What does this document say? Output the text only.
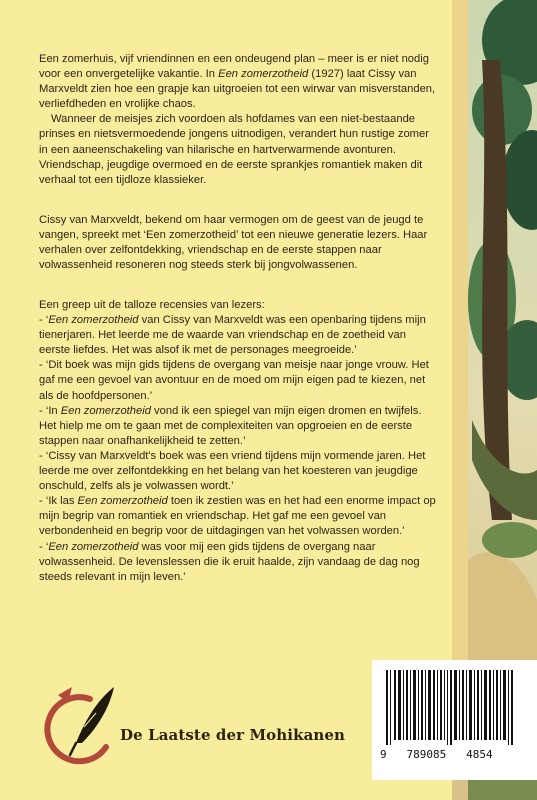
Een zomerhuis, vijf vriendinnen en een ondeugend plan – meer is er niet nodig voor een onvergetelijke vakantie. In Een zomerzotheid (1927) laat Cissy van Marxveldt zien hoe een grapje kan uitgroeien tot een wirwar van misverstanden, verliefdheden en vrolijke chaos.

Wanneer de meisjes zich voordoen als hofdames van een niet-bestaande prinses en nietsvermoedende jongens uitnodigen, verandert hun rustige zomer in een aaneenschakeling van hilarische en hartverwarmende avonturen. Vriendschap, jeugdige overmoed en de eerste sprankjes romantiek maken dit verhaal tot een tijdloze klassieker.

Cissy van Marxveldt, bekend om haar vermogen om de geest van de jeugd te vangen, spreekt met ‘Een zomerzotheid’ tot een nieuwe generatie lezers. Haar verhalen over zelfontdekking, vriendschap en de eerste stappen naar volwassenheid resoneren nog steeds sterk bij jongvolwassenen.
Een greep uit de talloze recensies van lezers:
- ‘Een zomerzotheid van Cissy van Marxveldt was een openbaring tijdens mijn tienerjaren. Het leerde me de waarde van vriendschap en de zoetheid van eerste liefdes. Het was alsof ik met de personages meegroeide.’
- ‘Dit boek was mijn gids tijdens de overgang van meisje naar jonge vrouw. Het gaf me een gevoel van avontuur en de moed om mijn eigen pad te kiezen, net als de hoofdpersonen.’
- ‘In Een zomerzotheid vond ik een spiegel van mijn eigen dromen en twijfels. Het hielp me om te gaan met de complexiteiten van opgroeien en de eerste stappen naar onafhankelijkheid te zetten.’
- ‘Cissy van Marxveldt's boek was een vriend tijdens mijn vormende jaren. Het leerde me over zelfontdekking en het belang van het koesteren van jeugdige onschuld, zelfs als je volwassen wordt.’
- ‘Ik las Een zomerzotheid toen ik zestien was en het had een enorme impact op mijn begrip van romantiek en vriendschap. Het gaf me een gevoel van verbondenheid en begrip voor de uitdagingen van het volwassen worden.'
- ‘Een zomerzotheid was voor mij een gids tijdens de overgang naar volwassenheid. De levenslessen die ik eruit haalde, zijn vandaag de dag nog steeds relevant in mijn leven.'
De Laatste der Mohikanen
9   789085   4854
